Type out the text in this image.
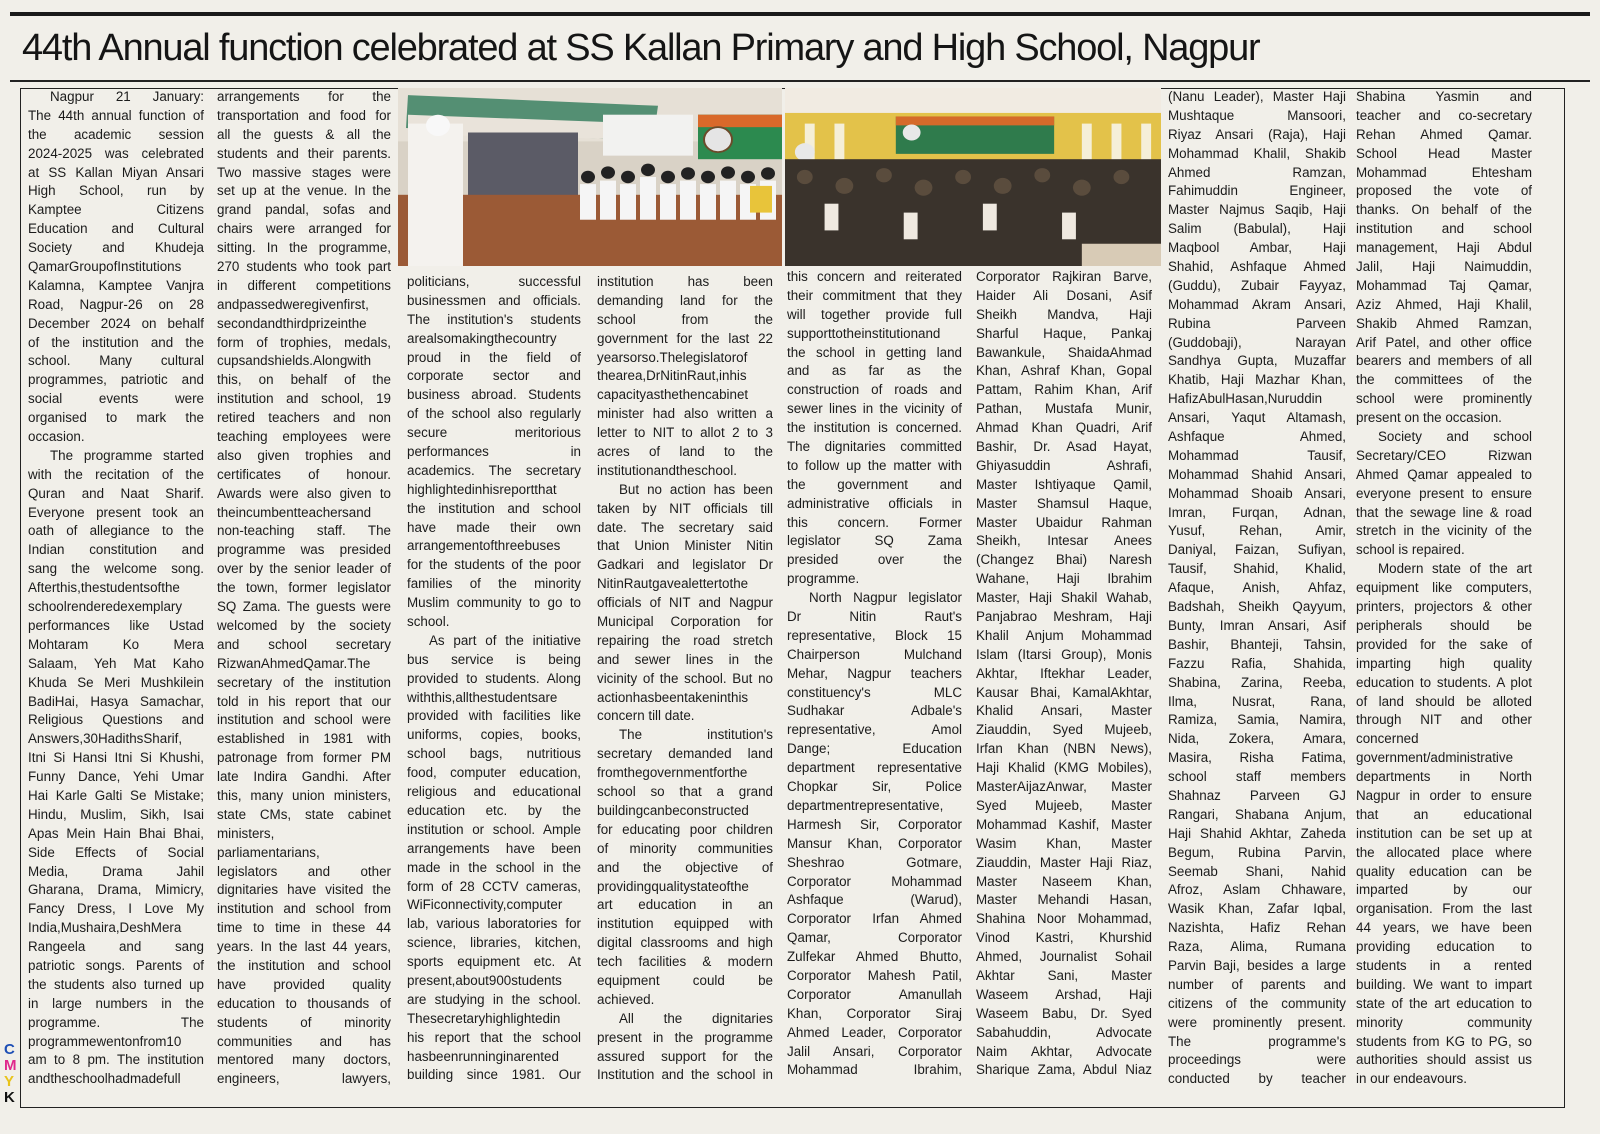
44th Annual function celebrated at SS Kallan Primary and High School, Nagpur
Nagpur 21 January:
The 44th annual function of
the academic session
2024-2025 was celebrated
at SS Kallan Miyan Ansari
High School, run by
Kamptee Citizens
Education and Cultural
Society and Khudeja
QamarGroupofInstitutions
Kalamna, Kamptee Vanjra
Road, Nagpur-26 on 28
December 2024 on behalf
of the institution and the
school. Many cultural
programmes, patriotic and
social events were
organised to mark the
occasion.
The programme started
with the recitation of the
Quran and Naat Sharif.
Everyone present took an
oath of allegiance to the
Indian constitution and
sang the welcome song.
Afterthis,thestudentsofthe
schoolrenderedexemplary
performances like Ustad
Mohtaram Ko Mera
Salaam, Yeh Mat Kaho
Khuda Se Meri Mushkilein
BadiHai, Hasya Samachar,
Religious Questions and
Answers,30HadithsSharif,
Itni Si Hansi Itni Si Khushi,
Funny Dance, Yehi Umar
Hai Karle Galti Se Mistake;
Hindu, Muslim, Sikh, Isai
Apas Mein Hain Bhai Bhai,
Side Effects of Social
Media, Drama Jahil
Gharana, Drama, Mimicry,
Fancy Dress, I Love My
India,Mushaira,DeshMera
Rangeela and sang
patriotic songs. Parents of
the students also turned up
in large numbers in the
programme. The
programmewentonfrom10
am to 8 pm. The institution
andtheschoolhadmadefull
arrangements for the
transportation and food for
all the guests & all the
students and their parents.
Two massive stages were
set up at the venue. In the
grand pandal, sofas and
chairs were arranged for
sitting. In the programme,
270 students who took part
in different competitions
andpassedweregivenfirst,
secondandthirdprizeinthe
form of trophies, medals,
cupsandshields.Alongwith
this, on behalf of the
institution and school, 19
retired teachers and non
teaching employees were
also given trophies and
certificates of honour.
Awards were also given to
theincumbentteachersand
non-teaching staff. The
programme was presided
over by the senior leader of
the town, former legislator
SQ Zama. The guests were
welcomed by the society
and school secretary
RizwanAhmedQamar.The
secretary of the institution
told in his report that our
institution and school were
established in 1981 with
patronage from former PM
late Indira Gandhi. After
this, many union ministers,
state CMs, state cabinet
ministers,
parliamentarians,
legislators and other
dignitaries have visited the
institution and school from
time to time in these 44
years. In the last 44 years,
the institution and school
have provided quality
education to thousands of
students of minority
communities and has
mentored many doctors,
engineers, lawyers,
politicians, successful
businessmen and officials.
The institution's students
arealsomakingthecountry
proud in the field of
corporate sector and
business abroad. Students
of the school also regularly
secure meritorious
performances in
academics. The secretary
highlightedinhisreportthat
the institution and school
have made their own
arrangementofthreebuses
for the students of the poor
families of the minority
Muslim community to go to
school.
As part of the initiative
bus service is being
provided to students. Along
withthis,allthestudentsare
provided with facilities like
uniforms, copies, books,
school bags, nutritious
food, computer education,
religious and educational
education etc. by the
institution or school. Ample
arrangements have been
made in the school in the
form of 28 CCTV cameras,
WiFiconnectivity,computer
lab, various laboratories for
science, libraries, kitchen,
sports equipment etc. At
present,about900students
are studying in the school.
Thesecretaryhighlightedin
his report that the school
hasbeenrunninginarented
building since 1981. Our
institution has been
demanding land for the
school from the
government for the last 22
yearsorso.Thelegislatorof
thearea,DrNitinRaut,inhis
capacityasthethencabinet
minister had also written a
letter to NIT to allot 2 to 3
acres of land to the
institutionandtheschool.
But no action has been
taken by NIT officials till
date. The secretary said
that Union Minister Nitin
Gadkari and legislator Dr
NitinRautgavealettertothe
officials of NIT and Nagpur
Municipal Corporation for
repairing the road stretch
and sewer lines in the
vicinity of the school. But no
actionhasbeentakeninthis
concern till date.
The institution's
secretary demanded land
fromthegovernmentforthe
school so that a grand
buildingcanbeconstructed
for educating poor children
of minority communities
and the objective of
providingqualitystateofthe
art education in an
institution equipped with
digital classrooms and high
tech facilities & modern
equipment could be
achieved.
All the dignitaries
present in the programme
assured support for the
Institution and the school in
this concern and reiterated
their commitment that they
will together provide full
supporttotheinstitutionand
the school in getting land
and as far as the
construction of roads and
sewer lines in the vicinity of
the institution is concerned.
The dignitaries committed
to follow up the matter with
the government and
administrative officials in
this concern. Former
legislator SQ Zama
presided over the
programme.
North Nagpur legislator
Dr Nitin Raut's
representative, Block 15
Chairperson Mulchand
Mehar, Nagpur teachers
constituency's MLC
Sudhakar Adbale's
representative, Amol
Dange; Education
department representative
Chopkar Sir, Police
departmentrepresentative,
Harmesh Sir, Corporator
Mansur Khan, Corporator
Sheshrao Gotmare,
Corporator Mohammad
Ashfaque (Warud),
Corporator Irfan Ahmed
Qamar, Corporator
Zulfekar Ahmed Bhutto,
Corporator Mahesh Patil,
Corporator Amanullah
Khan, Corporator Siraj
Ahmed Leader, Corporator
Jalil Ansari, Corporator
Mohammad Ibrahim,
Corporator Rajkiran Barve,
Haider Ali Dosani, Asif
Sheikh Mandva, Haji
Sharful Haque, Pankaj
Bawankule, ShaidaAhmad
Khan, Ashraf Khan, Gopal
Pattam, Rahim Khan, Arif
Pathan, Mustafa Munir,
Ahmad Khan Quadri, Arif
Bashir, Dr. Asad Hayat,
Ghiyasuddin Ashrafi,
Master Ishtiyaque Qamil,
Master Shamsul Haque,
Master Ubaidur Rahman
Sheikh, Intesar Anees
(Changez Bhai) Naresh
Wahane, Haji Ibrahim
Master, Haji Shakil Wahab,
Panjabrao Meshram, Haji
Khalil Anjum Mohammad
Islam (Itarsi Group), Monis
Akhtar, Iftekhar Leader,
Kausar Bhai, KamalAkhtar,
Khalid Ansari, Master
Ziauddin, Syed Mujeeb,
Irfan Khan (NBN News),
Haji Khalid (KMG Mobiles),
MasterAijazAnwar, Master
Syed Mujeeb, Master
Mohammad Kashif, Master
Wasim Khan, Master
Ziauddin, Master Haji Riaz,
Master Naseem Khan,
Master Mehandi Hasan,
Shahina Noor Mohammad,
Vinod Kastri, Khurshid
Ahmed, Journalist Sohail
Akhtar Sani, Master
Waseem Arshad, Haji
Waseem Babu, Dr. Syed
Sabahuddin, Advocate
Naim Akhtar, Advocate
Sharique Zama, Abdul Niaz
(Nanu Leader), Master Haji
Mushtaque Mansoori,
Riyaz Ansari (Raja), Haji
Mohammad Khalil, Shakib
Ahmed Ramzan,
Fahimuddin Engineer,
Master Najmus Saqib, Haji
Salim (Babulal), Haji
Maqbool Ambar, Haji
Shahid, Ashfaque Ahmed
(Guddu), Zubair Fayyaz,
Mohammad Akram Ansari,
Rubina Parveen
(Guddobaji), Narayan
Sandhya Gupta, Muzaffar
Khatib, Haji Mazhar Khan,
HafizAbulHasan,Nuruddin
Ansari, Yaqut Altamash,
Ashfaque Ahmed,
Mohammad Tausif,
Mohammad Shahid Ansari,
Mohammad Shoaib Ansari,
Imran, Furqan, Adnan,
Yusuf, Rehan, Amir,
Daniyal, Faizan, Sufiyan,
Tausif, Shahid, Khalid,
Afaque, Anish, Ahfaz,
Badshah, Sheikh Qayyum,
Bunty, Imran Ansari, Asif
Bashir, Bhanteji, Tahsin,
Fazzu Rafia, Shahida,
Shabina, Zarina, Reeba,
Ilma, Nusrat, Rana,
Ramiza, Samia, Namira,
Nida, Zokera, Amara,
Masira, Risha Fatima,
school staff members
Shahnaz Parveen GJ
Rangari, Shabana Anjum,
Haji Shahid Akhtar, Zaheda
Begum, Rubina Parvin,
Seemab Shani, Nahid
Afroz, Aslam Chhaware,
Wasik Khan, Zafar Iqbal,
Nazishta, Hafiz Rehan
Raza, Alima, Rumana
Parvin Baji, besides a large
number of parents and
citizens of the community
were prominently present.
The programme's
proceedings were
conducted by teacher
Shabina Yasmin and
teacher and co-secretary
Rehan Ahmed Qamar.
School Head Master
Mohammad Ehtesham
proposed the vote of
thanks. On behalf of the
institution and school
management, Haji Abdul
Jalil, Haji Naimuddin,
Mohammad Taj Qamar,
Aziz Ahmed, Haji Khalil,
Shakib Ahmed Ramzan,
Arif Patel, and other office
bearers and members of all
the committees of the
school were prominently
present on the occasion.
Society and school
Secretary/CEO Rizwan
Ahmed Qamar appealed to
everyone present to ensure
that the sewage line & road
stretch in the vicinity of the
school is repaired.
Modern state of the art
equipment like computers,
printers, projectors & other
peripherals should be
provided for the sake of
imparting high quality
education to students. A plot
of land should be alloted
through NIT and other
concerned
government/administrative
departments in North
Nagpur in order to ensure
that an educational
institution can be set up at
the allocated place where
quality education can be
imparted by our
organisation. From the last
44 years, we have been
providing education to
students in a rented
building. We want to impart
state of the art education to
minority community
students from KG to PG, so
authorities should assist us
in our endeavours.
C
M
Y
K
